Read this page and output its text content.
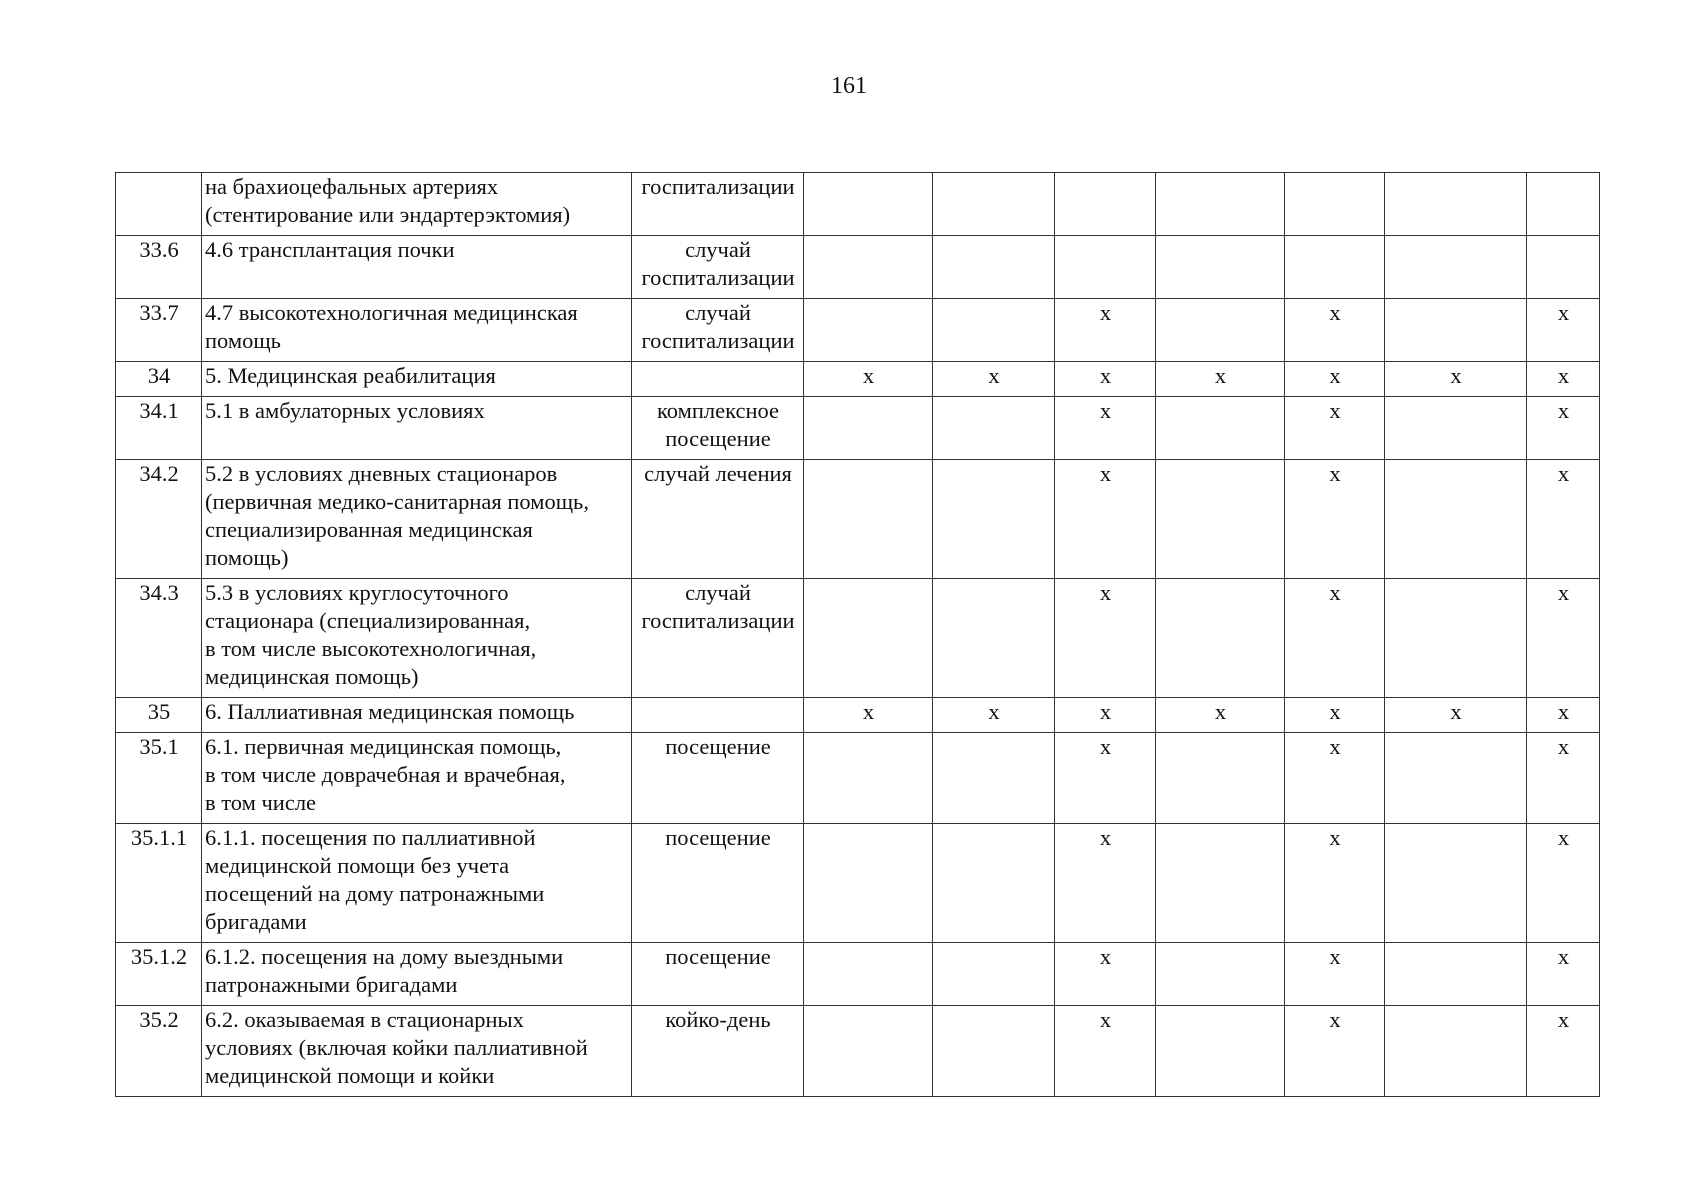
161

	на брахиоцефальных артериях
(стентирование или эндартерэктомия)	госпитализации							

33.6	4.6 трансплантация почки	случай
госпитализации							

33.7	4.7 высокотехнологичная медицинская
помощь	случай
госпитализации			х		х		х
34	5. Медицинская реабилитация		х	х	х	х	х	х	х
34.1	5.1 в амбулаторных условиях	комплексное
посещение			х		х		х
34.2	5.2 в условиях дневных стационаров
(первичная медико-санитарная помощь,
специализированная медицинская
помощь)	случай лечения			х		х		х
34.3	5.3 в условиях круглосуточного
стационара (специализированная,
в том числе высокотехнологичная,
медицинская помощь)	случай
госпитализации			х		х		х
35	6. Паллиативная медицинская помощь		х	х	х	х	х	х	х
35.1	6.1. первичная медицинская помощь,
в том числе доврачебная и врачебная,
в том числе	посещение			х		х		х
35.1.1	6.1.1. посещения по паллиативной
медицинской помощи без учета
посещений на дому патронажными
бригадами	посещение			х		х		х
35.1.2	6.1.2. посещения на дому выездными
патронажными бригадами	посещение			х		х		х
35.2	6.2. оказываемая в стационарных
условиях (включая койки паллиативной
медицинской помощи и койки	койко-день			х		х		х
